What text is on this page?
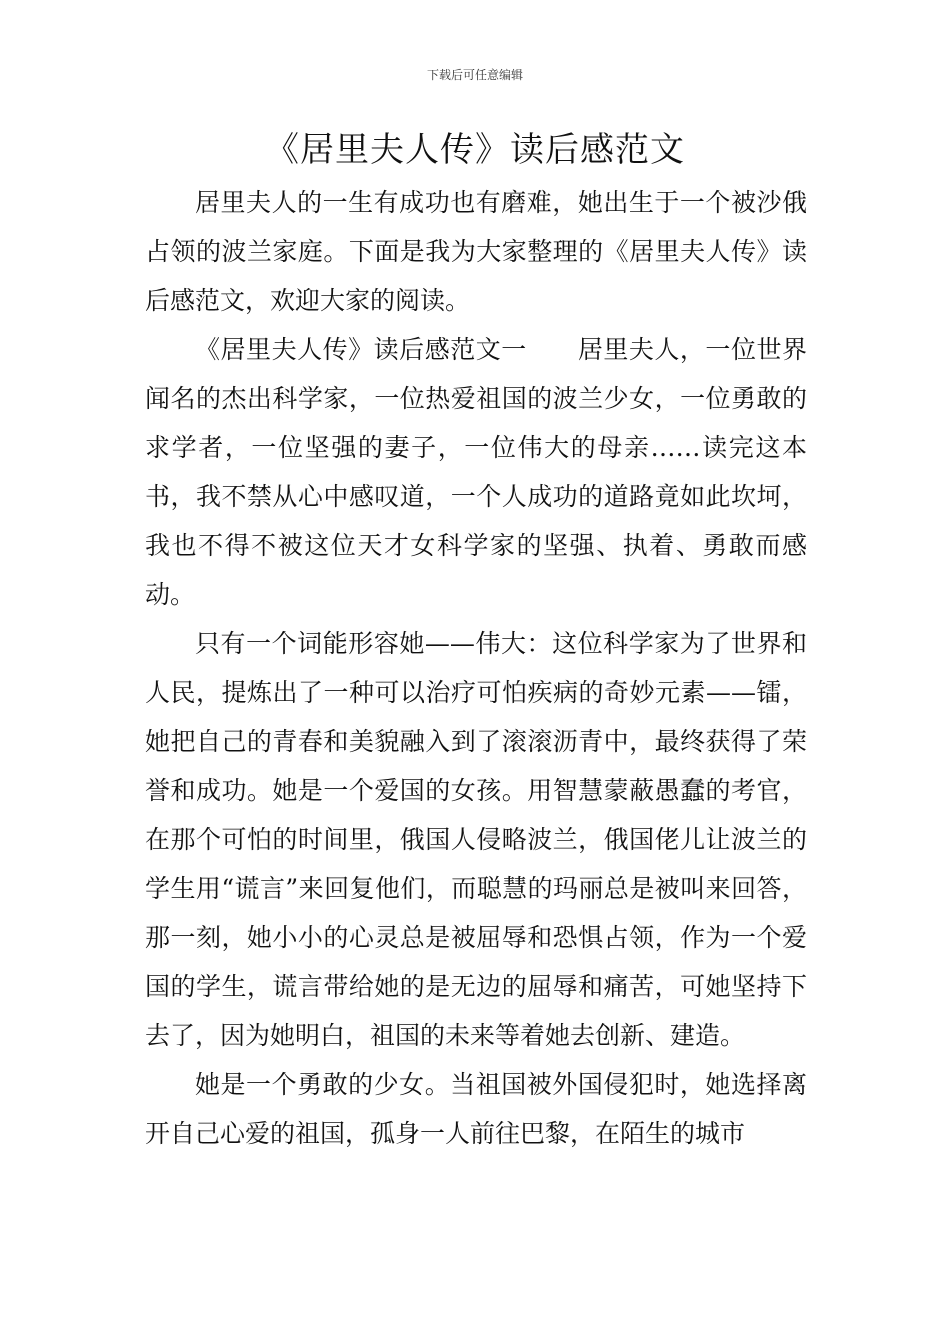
下载后可任意编辑
《居里夫人传》读后感范文

居里夫人的一生有成功也有磨难，她出生于一个被沙俄占领的波兰家庭。下面是我为大家整理的《居里夫人传》读后感范文，欢迎大家的阅读。

《居里夫人传》读后感范文一　　居里夫人，一位世界闻名的杰出科学家，一位热爱祖国的波兰少女，一位勇敢的求学者，一位坚强的妻子，一位伟大的母亲……读完这本书，我不禁从心中感叹道，一个人成功的道路竟如此坎坷，我也不得不被这位天才女科学家的坚强、执着、勇敢而感动。

只有一个词能形容她——伟大：这位科学家为了世界和人民，提炼出了一种可以治疗可怕疾病的奇妙元素——镭，她把自己的青春和美貌融入到了滚滚沥青中，最终获得了荣誉和成功。她是一个爱国的女孩。用智慧蒙蔽愚蠢的考官，在那个可怕的时间里，俄国人侵略波兰，俄国佬儿让波兰的学生用“谎言”来回复他们，而聪慧的玛丽总是被叫来回答，那一刻，她小小的心灵总是被屈辱和恐惧占领，作为一个爱国的学生，谎言带给她的是无边的屈辱和痛苦，可她坚持下去了，因为她明白，祖国的未来等着她去创新、建造。

她是一个勇敢的少女。当祖国被外国侵犯时，她选择离开自己心爱的祖国，孤身一人前往巴黎，在陌生的城市
